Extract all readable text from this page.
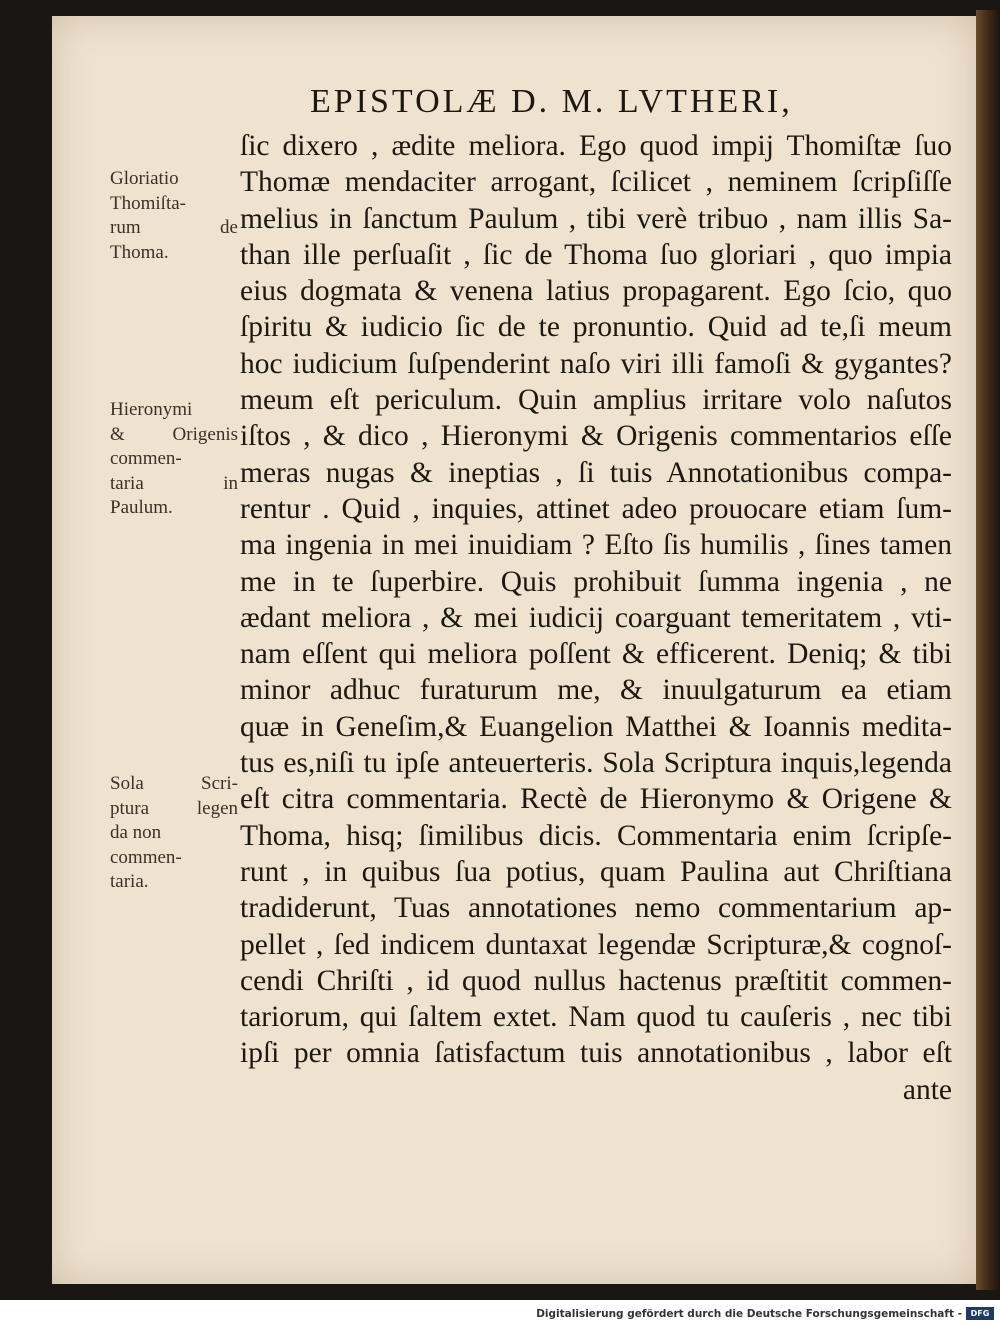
EPISTOLÆ D. M. LVTHERI,
ſic dixero , ædite meliora. Ego quod impij Thomiſtæ ſuo
Thomæ mendaciter arrogant, ſcilicet , neminem ſcripſiſſe
melius in ſanctum Paulum , tibi verè tribuo , nam illis Sa-
than ille perſuaſit , ſic de Thoma ſuo gloriari , quo impia
eius dogmata & venena latius propagarent. Ego ſcio, quo
ſpiritu & iudicio ſic de te pronuntio. Quid ad te,ſi meum
hoc iudicium ſuſpenderint naſo viri illi famoſi & gygantes?
meum eſt periculum. Quin amplius irritare volo naſutos
iſtos , & dico , Hieronymi & Origenis commentarios eſſe
meras nugas & ineptias , ſi tuis Annotationibus compa-
rentur . Quid , inquies, attinet adeo prouocare etiam ſum-
ma ingenia in mei inuidiam ? Eſto ſis humilis , ſines tamen
me in te ſuperbire. Quis prohibuit ſumma ingenia , ne
ædant meliora , & mei iudicij coarguant temeritatem , vti-
nam eſſent qui meliora poſſent & efficerent. Deniq; & tibi
minor adhuc furaturum me, & inuulgaturum ea etiam
quæ in Geneſim,& Euangelion Matthei & Ioannis medita-
tus es,niſi tu ipſe anteuerteris. Sola Scriptura inquis,legenda
eſt citra commentaria. Rectè de Hieronymo & Origene &
Thoma, hisq; ſimilibus dicis. Commentaria enim ſcripſe-
runt , in quibus ſua potius, quam Paulina aut Chriſtiana
tradiderunt, Tuas annotationes nemo commentarium ap-
pellet , ſed indicem duntaxat legendæ Scripturæ,& cognoſ-
cendi Chriſti , id quod nullus hactenus præſtitit commen-
tariorum, qui ſaltem extet. Nam quod tu cauſeris , nec tibi
ipſi per omnia ſatisfactum tuis annotationibus , labor eſt
ante
Gloriatio
Thomiſta-
rum de
Thoma.
Hieronymi
& Origenis
commen-
taria in
Paulum.
Sola Scri-
ptura legen
da non
commen-
taria.
Digitalisierung gefördert durch die Deutsche Forschungsgemeinschaft -	DFG
